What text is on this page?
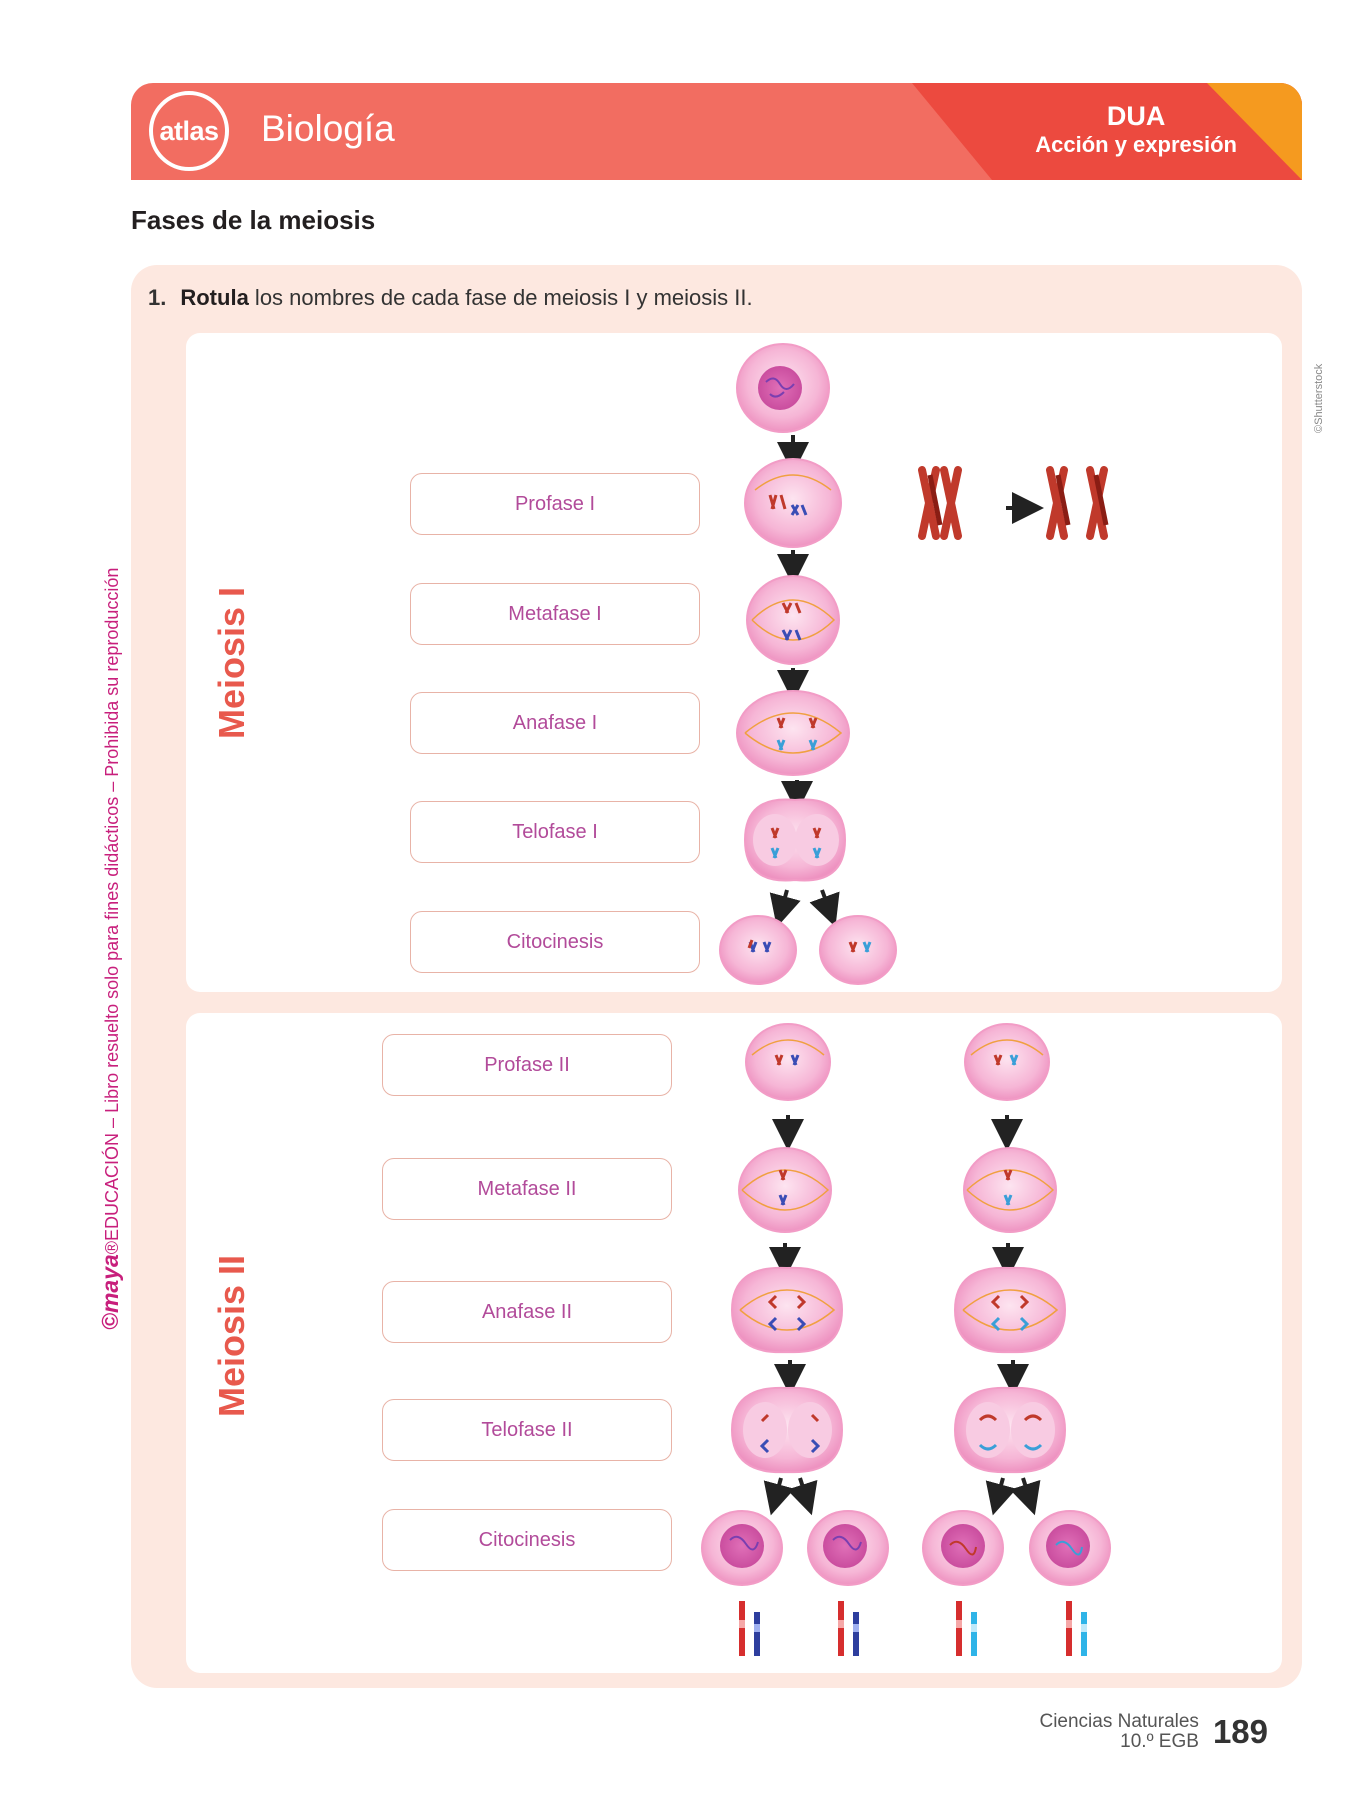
atlas Biología	DUA
Acción y expresión
Fases de la meiosis
1. Rotula los nombres de cada fase de meiosis I y meiosis II.
Meiosis I
Meiosis II
Profase I
Metafase I
Anafase I
Telofase I
Citocinesis
Profase II
Metafase II
Anafase II
Telofase II
Citocinesis
©maya®EDUCACIÓN – Libro resuelto solo para fines didácticos – Prohibida su reproducción
©Shutterstock
Ciencias Naturales
10.º EGB 189
